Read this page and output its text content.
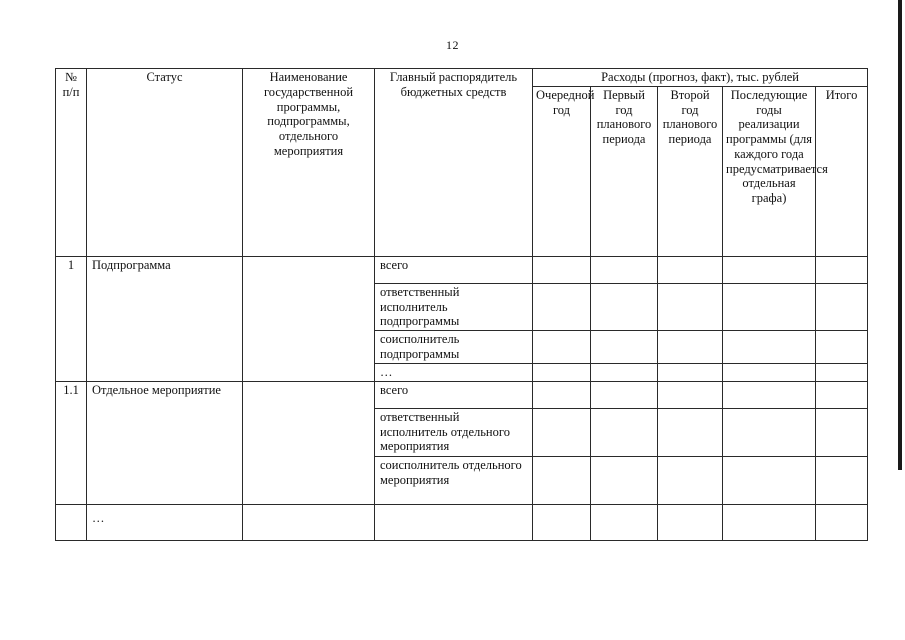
12
№ п/п	Статус	Наименование государственной программы, подпрограммы, отдельного мероприятия	Главный распорядитель бюджетных средств	Расходы (прогноз, факт), тыс. рублей				
				Очередной год	Первый год планового периода	Второй год планового периода	Последующие годы реализации программы (для каждого года предусматривается отдельная графа)	Итого
1	Подпрограмма		всего					
			ответственный исполнитель подпрограммы					
			соисполнитель подпрограммы					
			…					
1.1	Отдельное мероприятие		всего					
			ответственный исполнитель отдельного мероприятия					
			соисполнитель отдельного мероприятия					
	…							
